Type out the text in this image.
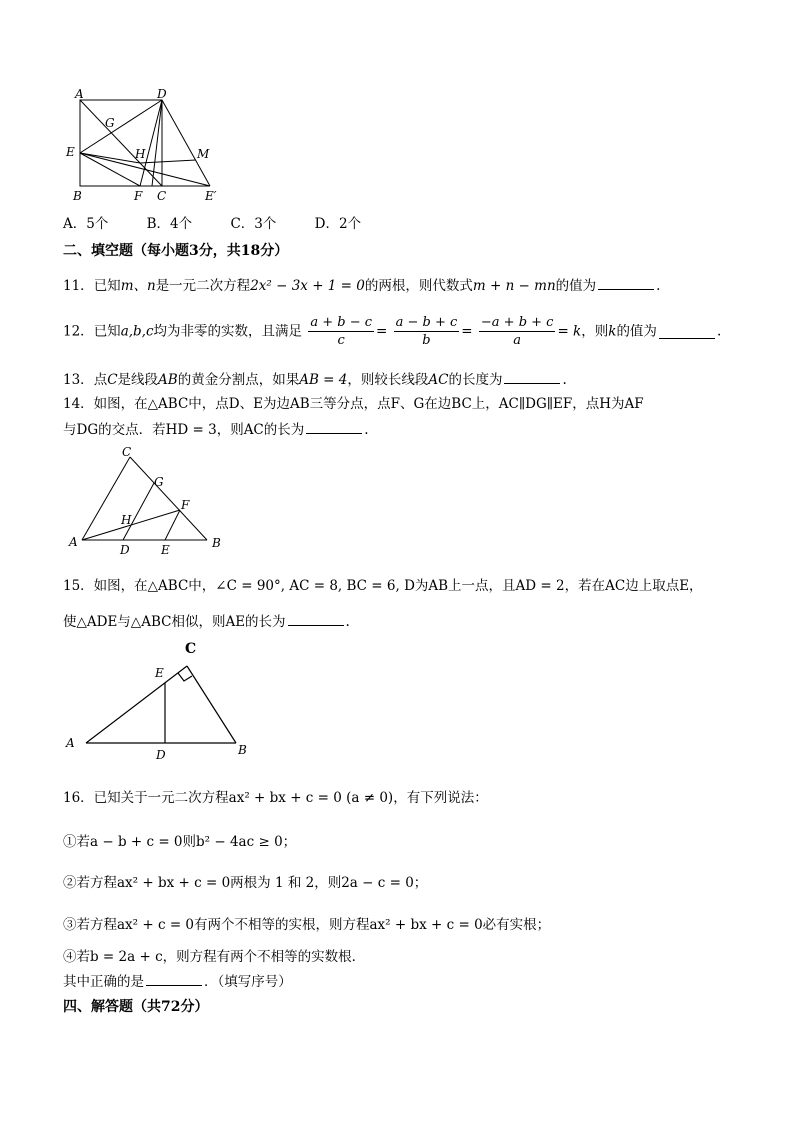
A	D
G
E	H	M
B	F C	E′
A．5个	B．4个	C．3个	D．2个
二、填空题（每小题3分，共18分）
11．已知m、n是一元二次方程2x² − 3x + 1 = 0的两根，则代数式m + n − mn的值为	.
12．已知a,b,c均为非零的实数，且满足 $\frac{a + b - c}{c} = \frac{a - b + c}{b} = \frac{-a + b + c}{a} = k$，则k的值为	.
13．点C是线段AB的黄金分割点，如果AB = 4，则较长线段AC的长度为	.
14．如图，在△ABC中，点D、E为边AB三等分点，点F、G在边BC上，AC∥DG∥EF，点H为AF
与DG的交点．若HD = 3，则AC的长为	.
C
G
F
H
A
D	E	B
15．如图，在△ABC中，∠C = 90°, AC = 8, BC = 6, D为AB上一点，且AD = 2，若在AC边上取点E，
使△ADE与△ABC相似，则AE的长为	.
C
E
A
D	B
16．已知关于一元二次方程ax² + bx + c = 0 (a ≠ 0)，有下列说法：
①若a − b + c = 0则b² − 4ac ≥ 0；
②若方程ax² + bx + c = 0两根为 1 和 2，则2a − c = 0；
③若方程ax² + c = 0有两个不相等的实根，则方程ax² + bx + c = 0必有实根；
④若b = 2a + c，则方程有两个不相等的实数根．
其中正确的是	．（填写序号）
四、解答题（共72分）
